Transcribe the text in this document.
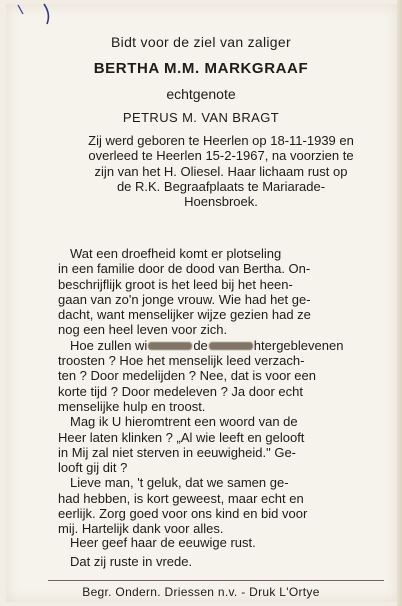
Bidt voor de ziel van zaliger
BERTHA M.M. MARKGRAAF
echtgenote
PETRUS M. VAN BRAGT
Zij werd geboren te Heerlen op 18-11-1939 en
overleed te Heerlen 15-2-1967, na voorzien te
zijn van het H. Oliesel. Haar lichaam rust op
de R.K. Begraafplaats te Mariarade-
Hoensbroek.
Wat een droefheid komt er plotseling
in een familie door de dood van Bertha. On-
beschrijflijk groot is het leed bij het heen-
gaan van zo'n jonge vrouw. Wie had het ge-
dacht, want menselijker wijze gezien had ze
nog een heel leven voor zich.
Hoe zullen wi	de	htergeblevenen
troosten ? Hoe het menselijk leed verzach-
ten ? Door medelijden ? Nee, dat is voor een
korte tijd ? Door medeleven ? Ja door echt
menselijke hulp en troost.
Mag ik U hieromtrent een woord van de
Heer laten klinken ? „Al wie leeft en gelooft
in Mij zal niet sterven in eeuwigheid." Ge-
looft gij dit ?
Lieve man, 't geluk, dat we samen ge-
had hebben, is kort geweest, maar echt en
eerlijk. Zorg goed voor ons kind en bid voor
mij. Hartelijk dank voor alles.
Heer geef haar de eeuwige rust.
Dat zij ruste in vrede.
Begr. Ondern. Driessen n.v. - Druk L'Ortye
